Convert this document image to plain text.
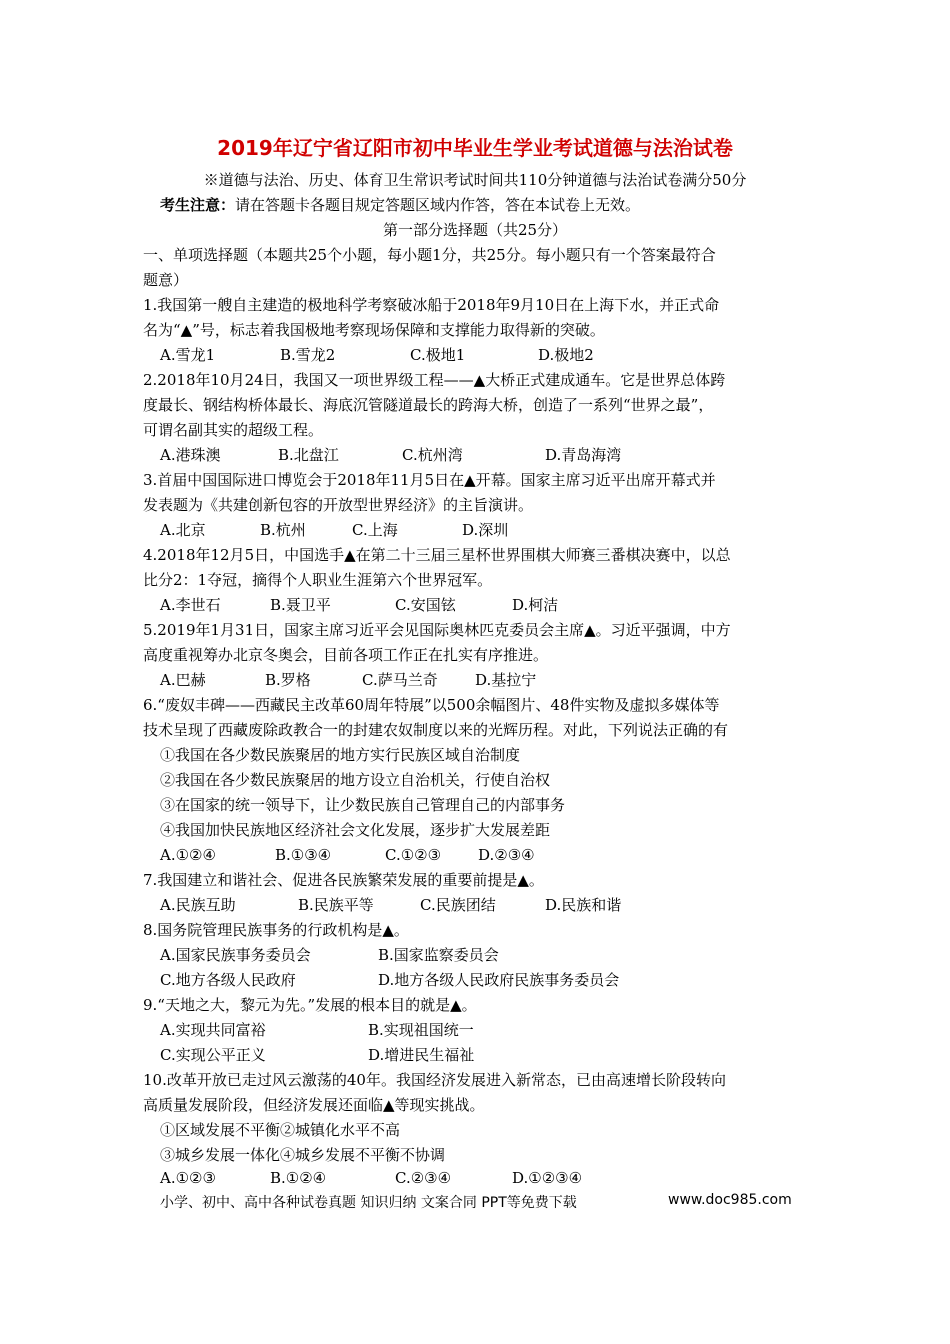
2019年辽宁省辽阳市初中毕业生学业考试道德与法治试卷
※道德与法治、历史、体育卫生常识考试时间共110分钟道德与法治试卷满分50分
考生注意：请在答题卡各题目规定答题区域内作答，答在本试卷上无效。
第一部分选择题（共25分）
一、单项选择题（本题共25个小题，每小题1分，共25分。每小题只有一个答案最符合
题意）
1.我国第一艘自主建造的极地科学考察破冰船于2018年9月10日在上海下水，并正式命
名为“▲”号，标志着我国极地考察现场保障和支撑能力取得新的突破。
A.雪龙1	B.雪龙2	C.极地1	D.极地2
2.2018年10月24日，我国又一项世界级工程——▲大桥正式建成通车。它是世界总体跨
度最长、钢结构桥体最长、海底沉管隧道最长的跨海大桥，创造了一系列“世界之最”，
可谓名副其实的超级工程。
A.港珠澳	B.北盘江	C.杭州湾	D.青岛海湾
3.首届中国国际进口博览会于2018年11月5日在▲开幕。国家主席习近平出席开幕式并
发表题为《共建创新包容的开放型世界经济》的主旨演讲。
A.北京	B.杭州	C.上海	D.深圳
4.2018年12月5日，中国选手▲在第二十三届三星杯世界围棋大师赛三番棋决赛中，以总
比分2：1夺冠，摘得个人职业生涯第六个世界冠军。
A.李世石	B.聂卫平	C.安国铉	D.柯洁
5.2019年1月31日，国家主席习近平会见国际奥林匹克委员会主席▲。习近平强调，中方
高度重视筹办北京冬奥会，目前各项工作正在扎实有序推进。
A.巴赫	B.罗格	C.萨马兰奇 D.基拉宁
6.“废奴丰碑——西藏民主改革60周年特展”以500余幅图片、48件实物及虚拟多媒体等
技术呈现了西藏废除政教合一的封建农奴制度以来的光辉历程。对此，下列说法正确的有
①我国在各少数民族聚居的地方实行民族区域自治制度
②我国在各少数民族聚居的地方设立自治机关，行使自治权
③在国家的统一领导下，让少数民族自己管理自己的内部事务
④我国加快民族地区经济社会文化发展，逐步扩大发展差距
A.①②④	B.①③④	C.①②③ D.②③④
7.我国建立和谐社会、促进各民族繁荣发展的重要前提是▲。
A.民族互助	B.民族平等	C.民族团结	D.民族和谐
8.国务院管理民族事务的行政机构是▲。
A.国家民族事务委员会	B.国家监察委员会
C.地方各级人民政府	D.地方各级人民政府民族事务委员会
9.“天地之大，黎元为先。”发展的根本目的就是▲。
A.实现共同富裕	B.实现祖国统一
C.实现公平正义	D.增进民生福祉
10.改革开放已走过风云激荡的40年。我国经济发展进入新常态，已由高速增长阶段转向
高质量发展阶段，但经济发展还面临▲等现实挑战。
①区域发展不平衡②城镇化水平不高
③城乡发展一体化④城乡发展不平衡不协调
A.①②③	B.①②④	C.②③④	D.①②③④
小学、初中、高中各种试卷真题 知识归纳 文案合同 PPT等免费下载	www.doc985.com
